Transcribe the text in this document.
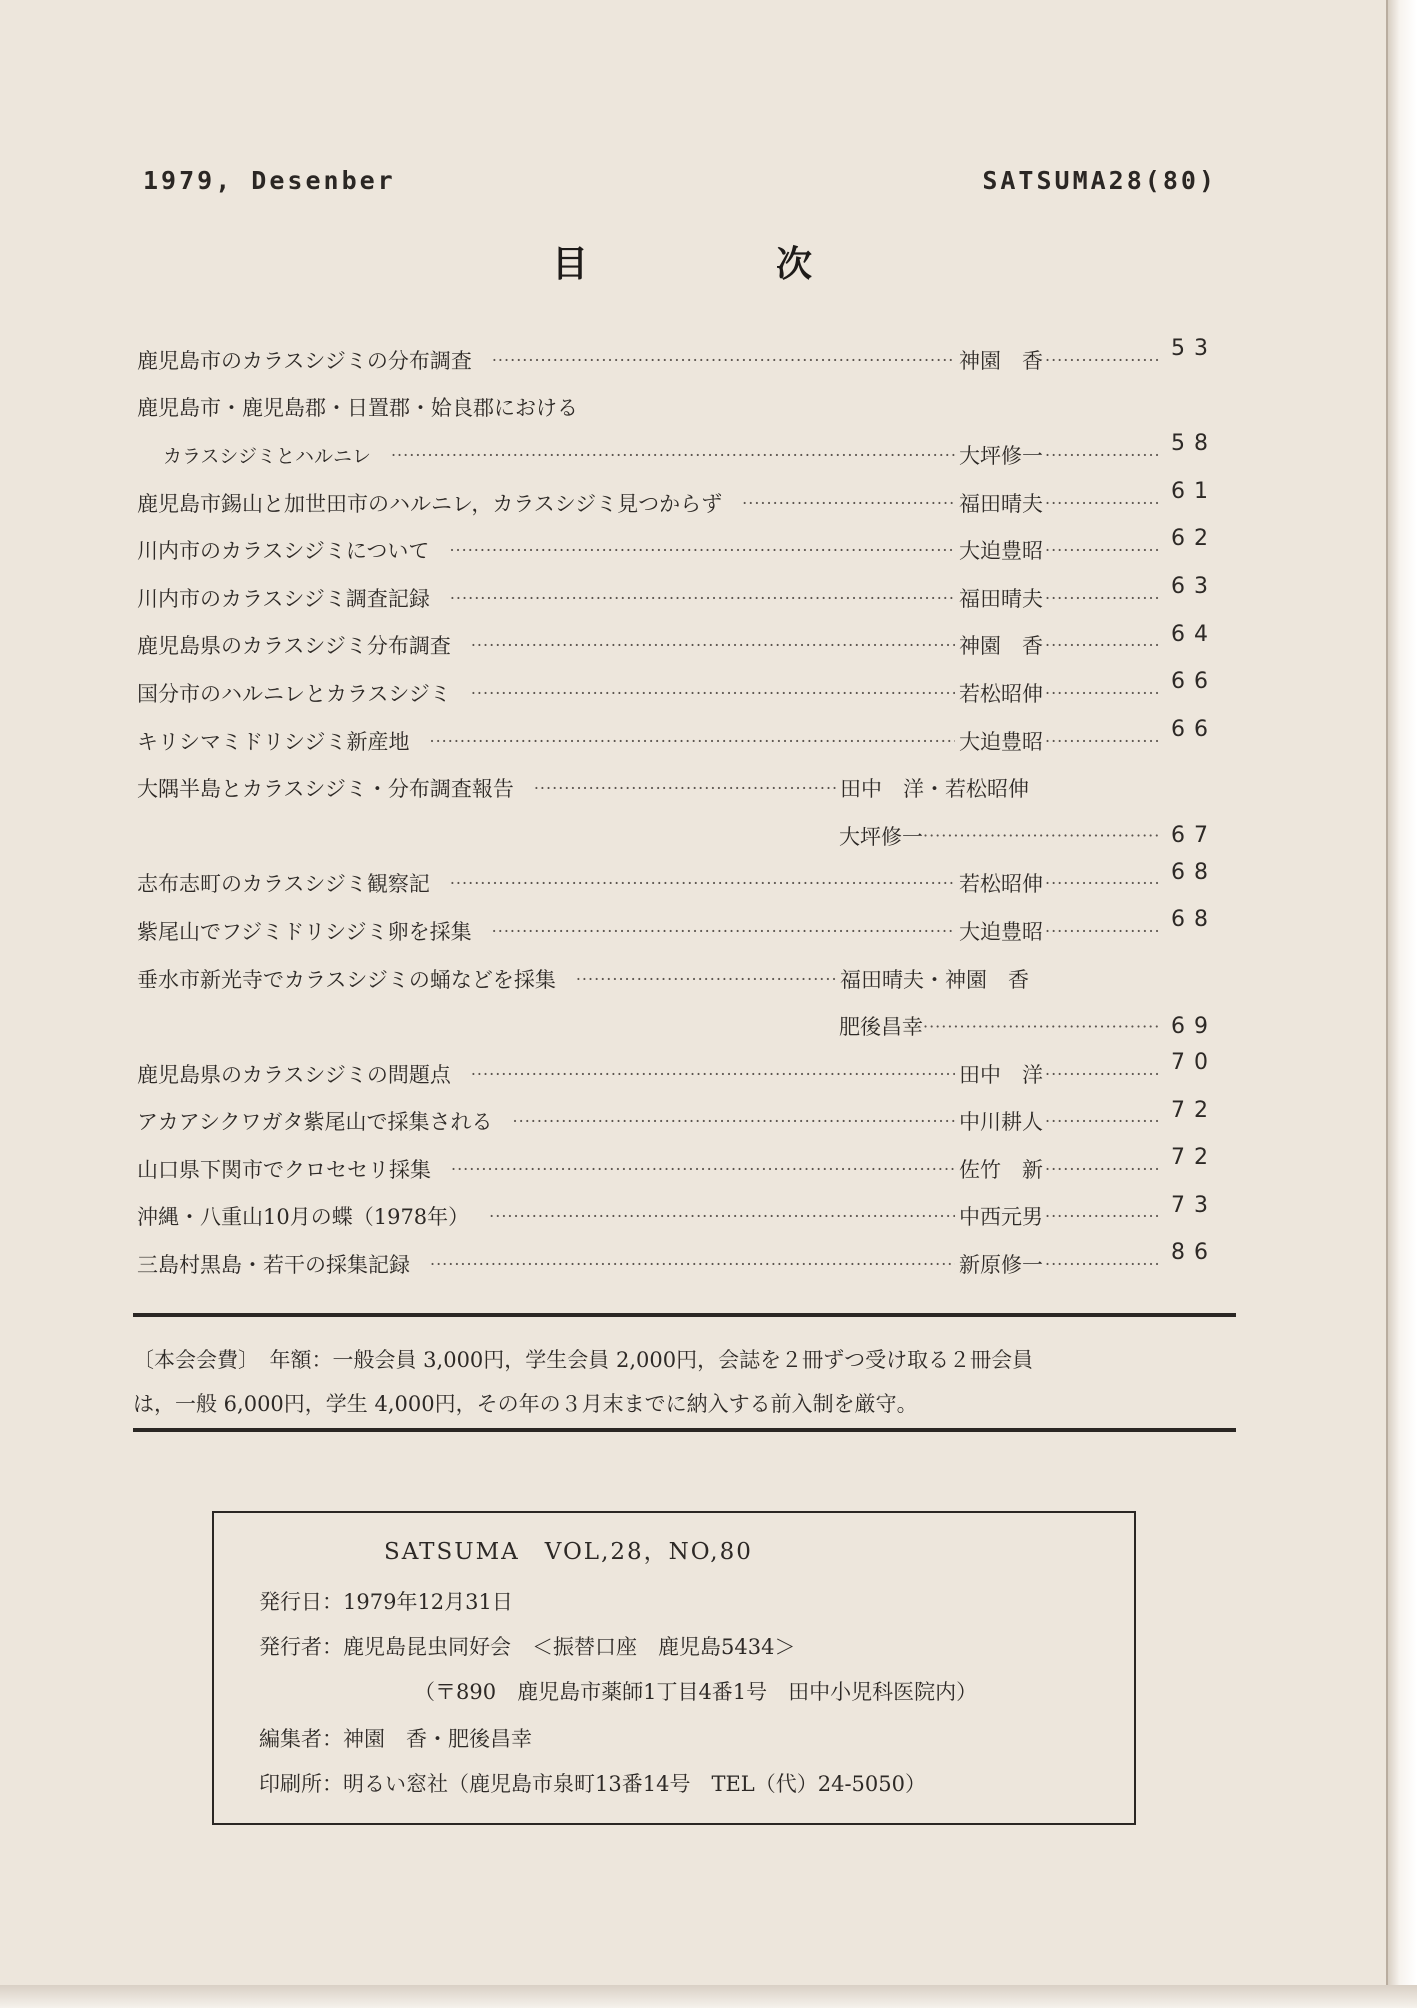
1979, Desenber	SATSUMA28(80)
目	次
鹿児島市のカラスシジミの分布調査 ·····	神園　香 ·····	53
鹿児島市・鹿児島郡・日置郡・姶良郡における
カラスシジミとハルニレ ·····	大坪修一 ·····	58
鹿児島市錫山と加世田市のハルニレ，カラスシジミ見つからず ·····	福田晴夫 ·····	61
川内市のカラスシジミについて ·····	大迫豊昭 ·····	62
川内市のカラスシジミ調査記録 ·····	福田晴夫 ·····	63
鹿児島県のカラスシジミ分布調査 ·····	神園　香 ·····	64
国分市のハルニレとカラスシジミ ·····	若松昭伸 ·····	66
キリシマミドリシジミ新産地 ·····	大迫豊昭 ·····	66
大隅半島とカラスシジミ・分布調査報告 ·····	田中　洋・若松昭伸
大坪修一 ·····	67
志布志町のカラスシジミ観察記 ·····	若松昭伸 ·····	68
紫尾山でフジミドリシジミ卵を採集 ·····	大迫豊昭 ·····	68
垂水市新光寺でカラスシジミの蛹などを採集 ·····	福田晴夫・神園　香
肥後昌幸 ·····	69
鹿児島県のカラスシジミの問題点 ·····	田中　洋 ·····	70
アカアシクワガタ紫尾山で採集される ·····	中川耕人 ·····	72
山口県下関市でクロセセリ採集 ·····	佐竹　新 ·····	72
沖縄・八重山10月の蝶（1978年） ·····	中西元男 ·····	73
三島村黒島・若干の採集記録 ·····	新原修一 ·····	86

〔本会会費〕　年額：一般会員 3,000円，学生会員 2,000円，会誌を２冊ずつ受け取る２冊会員

は，一般 6,000円，学生 4,000円，その年の３月末までに納入する前入制を厳守。

SATSUMA　VOL,28，NO,80
発行日：1979年12月31日
発行者：鹿児島昆虫同好会　＜振替口座　鹿児島5434＞
（〒890　鹿児島市薬師1丁目4番1号　田中小児科医院内）
編集者：神園　香・肥後昌幸
印刷所：明るい窓社（鹿児島市泉町13番14号　TEL（代）24-5050）
